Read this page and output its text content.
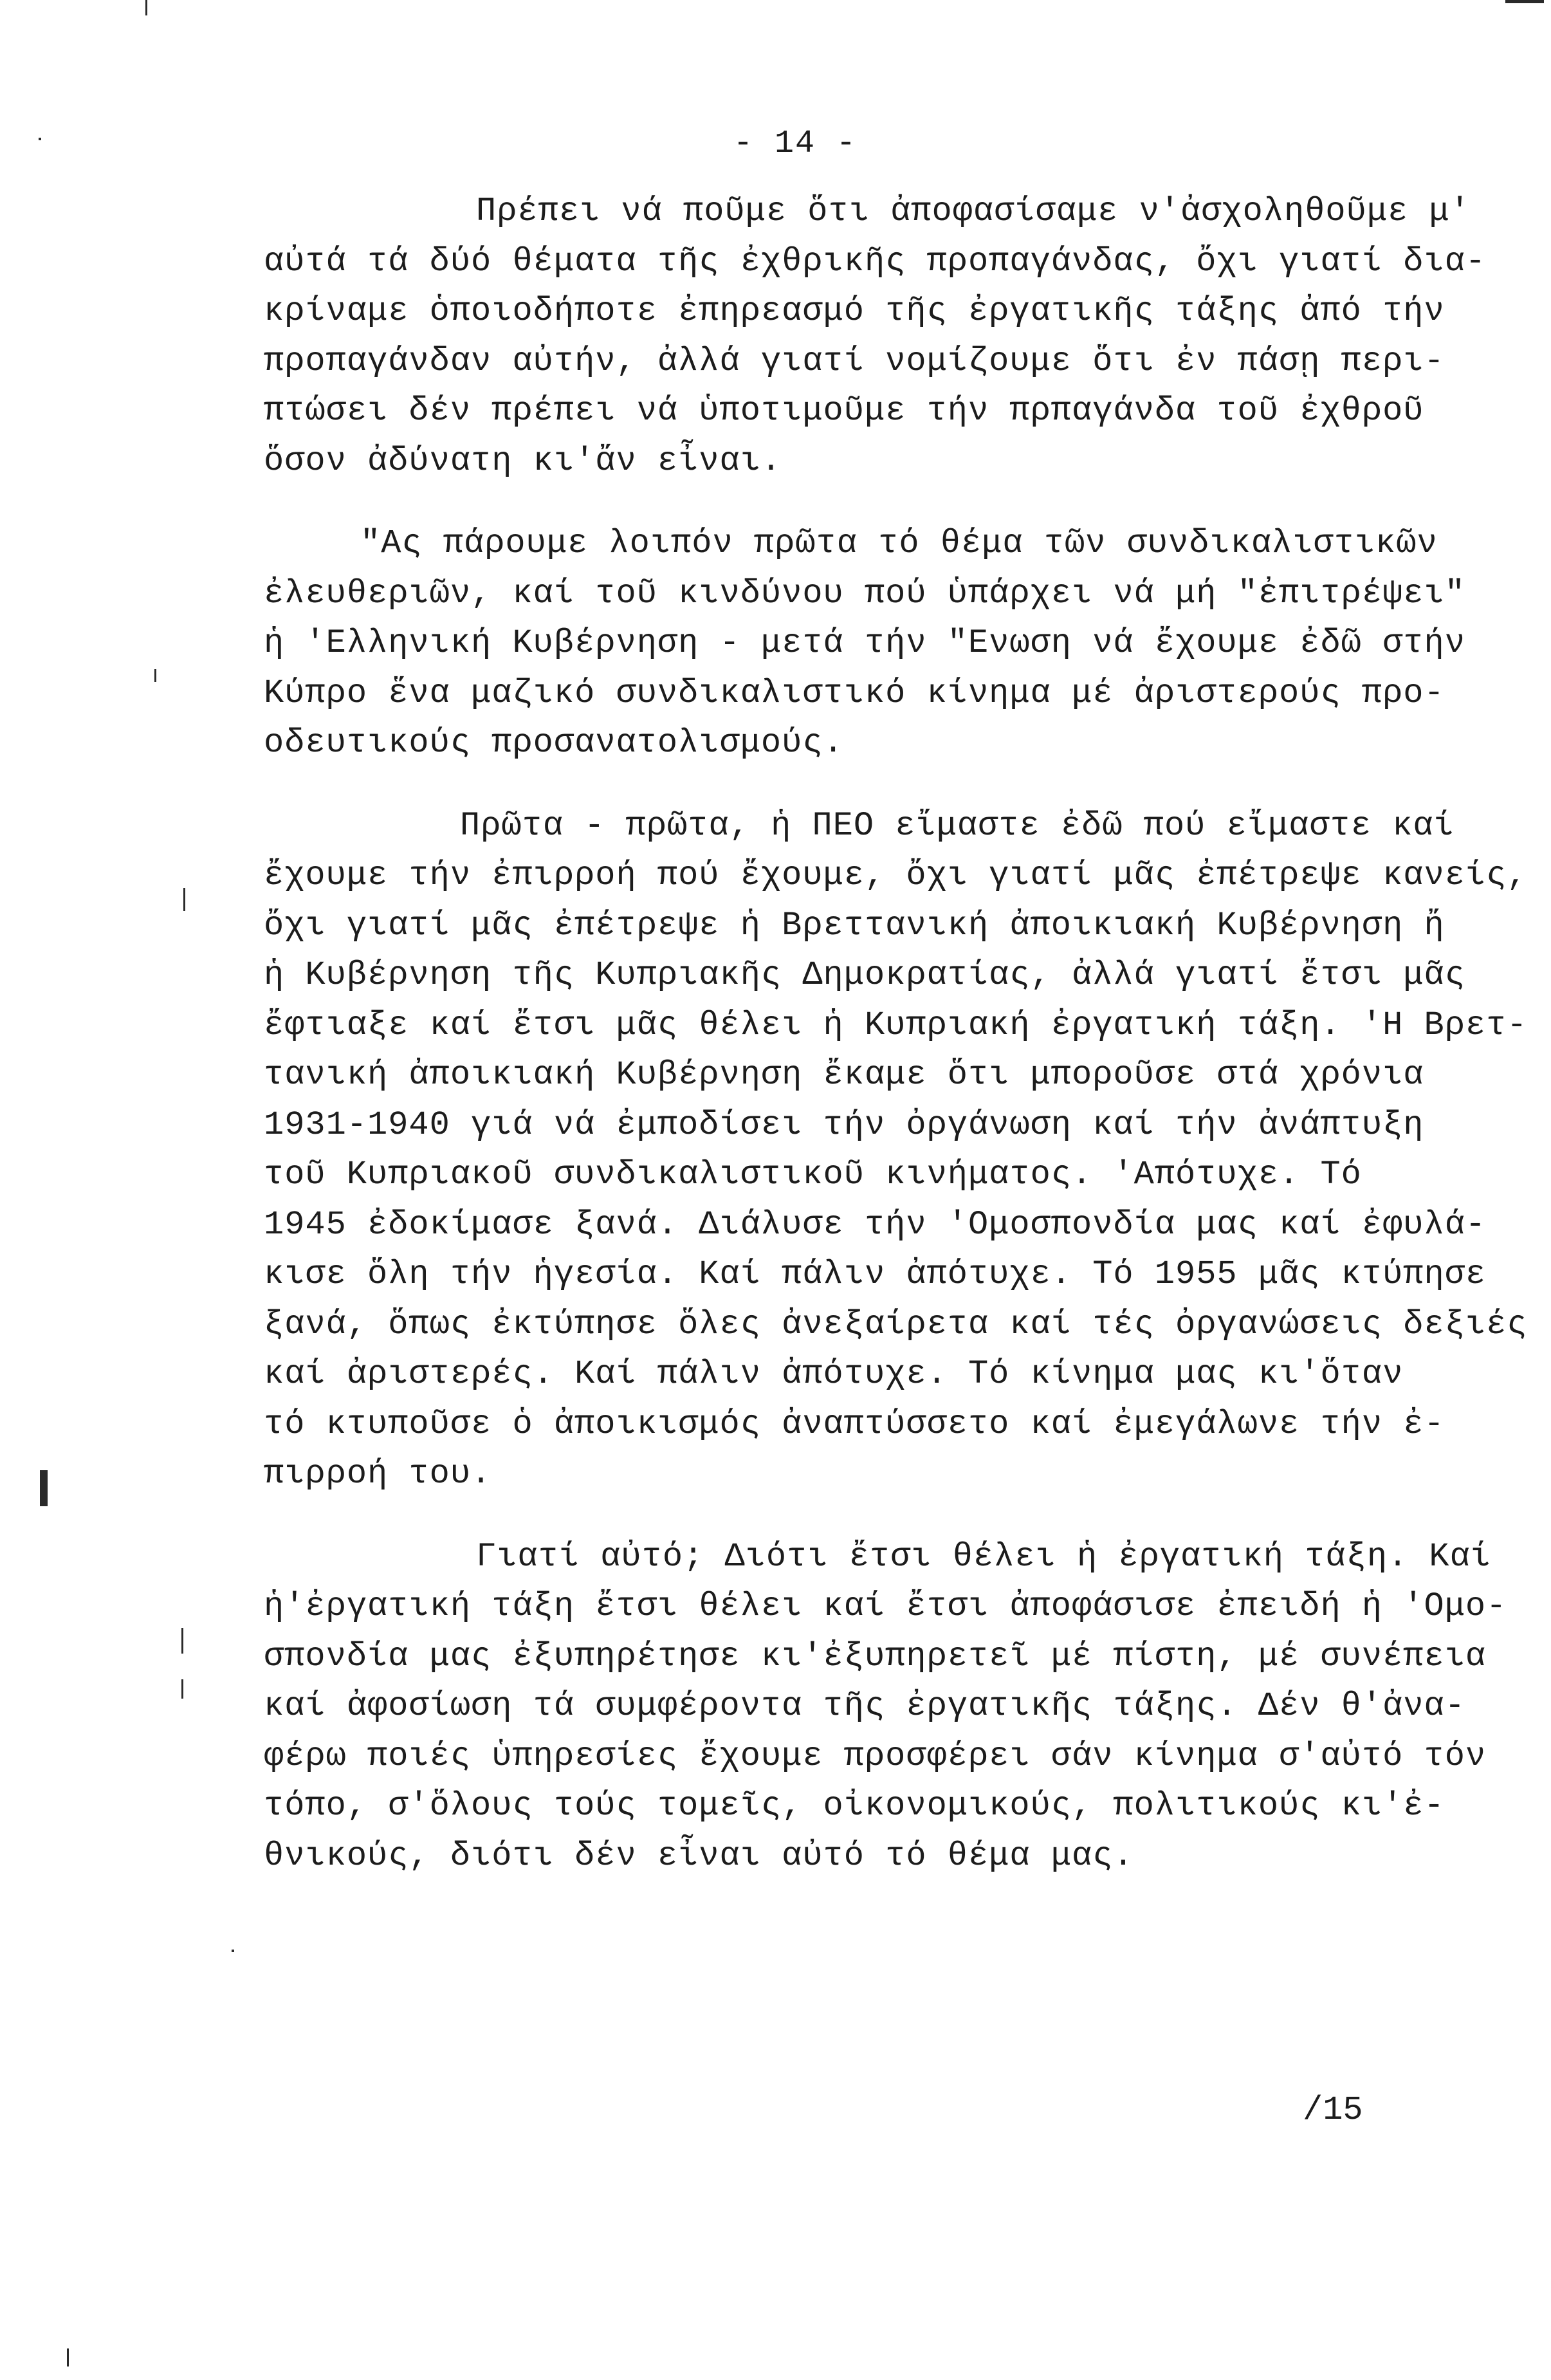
- 14 -
Πρέπει νά ποῦμε ὅτι ἀποφασίσαμε ν'ἀσχοληθοῦμε μ'
αὐτά τά δύό θέματα τῆς ἐχθρικῆς προπαγάνδας, ὄχι γιατί δια-
κρίναμε ὁποιοδήποτε ἐπηρεασμό τῆς ἐργατικῆς τάξης ἀπό τήν
προπαγάνδαν αὐτήν, ἀλλά γιατί νομίζουμε ὅτι ἐν πάσῃ περι-
πτώσει δέν πρέπει νά ὑποτιμοῦμε τήν πρπαγάνδα τοῦ ἐχθροῦ
ὅσον ἀδύνατη κι'ἄν εἶναι.
"Ας πάρουμε λοιπόν πρῶτα τό θέμα τῶν συνδικαλιστικῶν
ἐλευθεριῶν, καί τοῦ κινδύνου πού ὑπάρχει νά μή "ἐπιτρέψει"
ἡ 'Ελληνική Κυβέρνηση - μετά τήν "Ενωση νά ἔχουμε ἐδῶ στήν
Κύπρο ἕνα μαζικό συνδικαλιστικό κίνημα μέ ἀριστερούς προ-
οδευτικούς προσανατολισμούς.
Πρῶτα - πρῶτα, ἡ ΠΕΟ εἴμαστε ἐδῶ πού εἴμαστε καί
ἔχουμε τήν ἐπιρροή πού ἔχουμε, ὄχι γιατί μᾶς ἐπέτρεψε κανείς,
ὄχι γιατί μᾶς ἐπέτρεψε ἡ Βρεττανική ἀποικιακή Κυβέρνηση ἤ
ἡ Κυβέρνηση τῆς Κυπριακῆς Δημοκρατίας, ἀλλά γιατί ἔτσι μᾶς
ἔφτιαξε καί ἔτσι μᾶς θέλει ἡ Κυπριακή ἐργατική τάξη. 'Η Βρετ-
τανική ἀποικιακή Κυβέρνηση ἔκαμε ὅτι μποροῦσε στά χρόνια
1931-1940 γιά νά ἐμποδίσει τήν ὀργάνωση καί τήν ἀνάπτυξη
τοῦ Κυπριακοῦ συνδικαλιστικοῦ κινήματος. 'Απότυχε. Τό
1945 ἐδοκίμασε ξανά. Διάλυσε τήν 'Ομοσπονδία μας καί ἐφυλά-
κισε ὅλη τήν ἡγεσία. Καί πάλιν ἀπότυχε. Τό 1955 μᾶς κτύπησε
ξανά, ὅπως ἐκτύπησε ὅλες ἀνεξαίρετα καί τές ὀργανώσεις δεξιές
καί ἀριστερές. Καί πάλιν ἀπότυχε. Τό κίνημα μας κι'ὅταν
τό κτυποῦσε ὁ ἀποικισμός ἀναπτύσσετο καί ἐμεγάλωνε τήν ἐ-
πιρροή του.
Γιατί αὐτό; Διότι ἔτσι θέλει ἡ ἐργατική τάξη. Καί
ἡ'ἐργατική τάξη ἔτσι θέλει καί ἔτσι ἀποφάσισε ἐπειδή ἡ 'Ομο-
σπονδία μας ἐξυπηρέτησε κι'ἐξυπηρετεῖ μέ πίστη, μέ συνέπεια
καί ἀφοσίωση τά συμφέροντα τῆς ἐργατικῆς τάξης. Δέν θ'ἀνα-
φέρω ποιές ὑπηρεσίες ἔχουμε προσφέρει σάν κίνημα σ'αὐτό τόν
τόπο, σ'ὅλους τούς τομεῖς, οἰκονομικούς, πολιτικούς κι'ἐ-
θνικούς, διότι δέν εἶναι αὐτό τό θέμα μας.
/15
